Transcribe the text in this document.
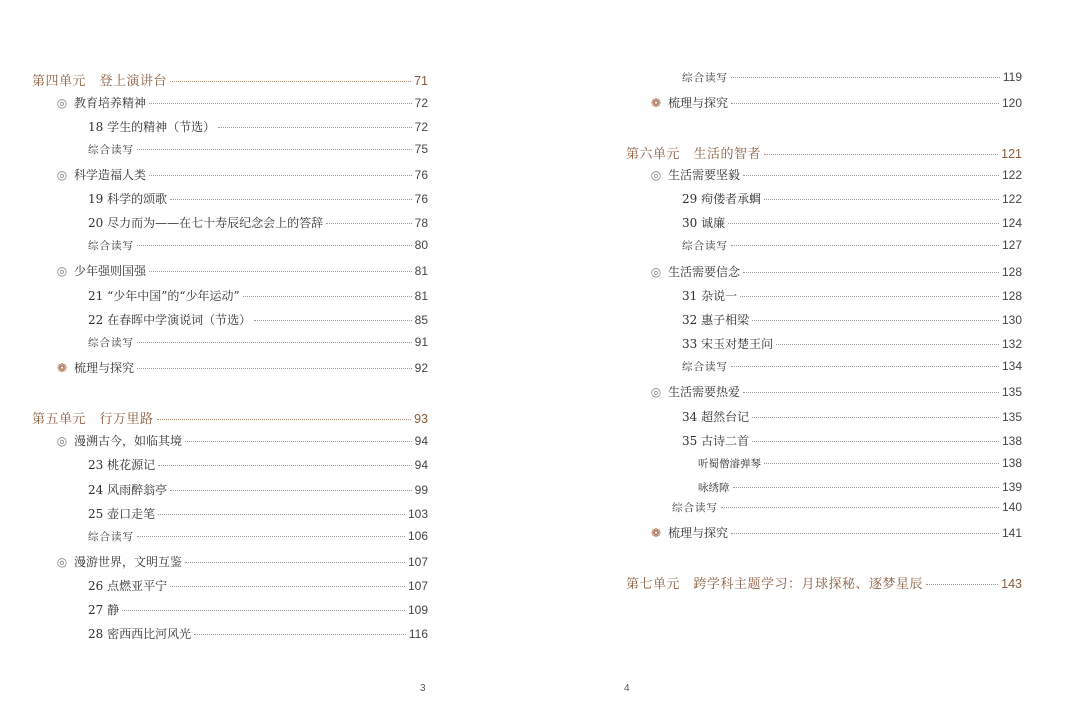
第四单元　登上演讲台	71
◎ 教育培养精神	72
18 学生的精神（节选）	72
综合读写	75
◎ 科学造福人类	76
19 科学的颂歌	76
20 尽力而为——在七十寿辰纪念会上的答辞	78
综合读写	80
◎ 少年强则国强	81
21 “少年中国”的“少年运动”	81
22 在春晖中学演说词（节选）	85
综合读写	91
❁ 梳理与探究	92
第五单元　行万里路	93
◎ 漫溯古今，如临其境	94
23 桃花源记	94
24 风雨醉翁亭	99
25 壶口走笔	103
综合读写	106
◎ 漫游世界，文明互鉴	107
26 点燃亚平宁	107
27 静	109
28 密西西比河风光	116
综合读写	119
❁ 梳理与探究	120
第六单元　生活的智者	121
◎ 生活需要坚毅	122
29 痀偻者承蜩	122
30 诚廉	124
综合读写	127
◎ 生活需要信念	128
31 杂说一	128
32 惠子相梁	130
33 宋玉对楚王问	132
综合读写	134
◎ 生活需要热爱	135
34 超然台记	135
35 古诗二首	138
听蜀僧濬弹琴	138
咏绣障	139
综合读写	140
❁ 梳理与探究	141
第七单元　跨学科主题学习：月球探秘、逐梦星辰	143
3	4
